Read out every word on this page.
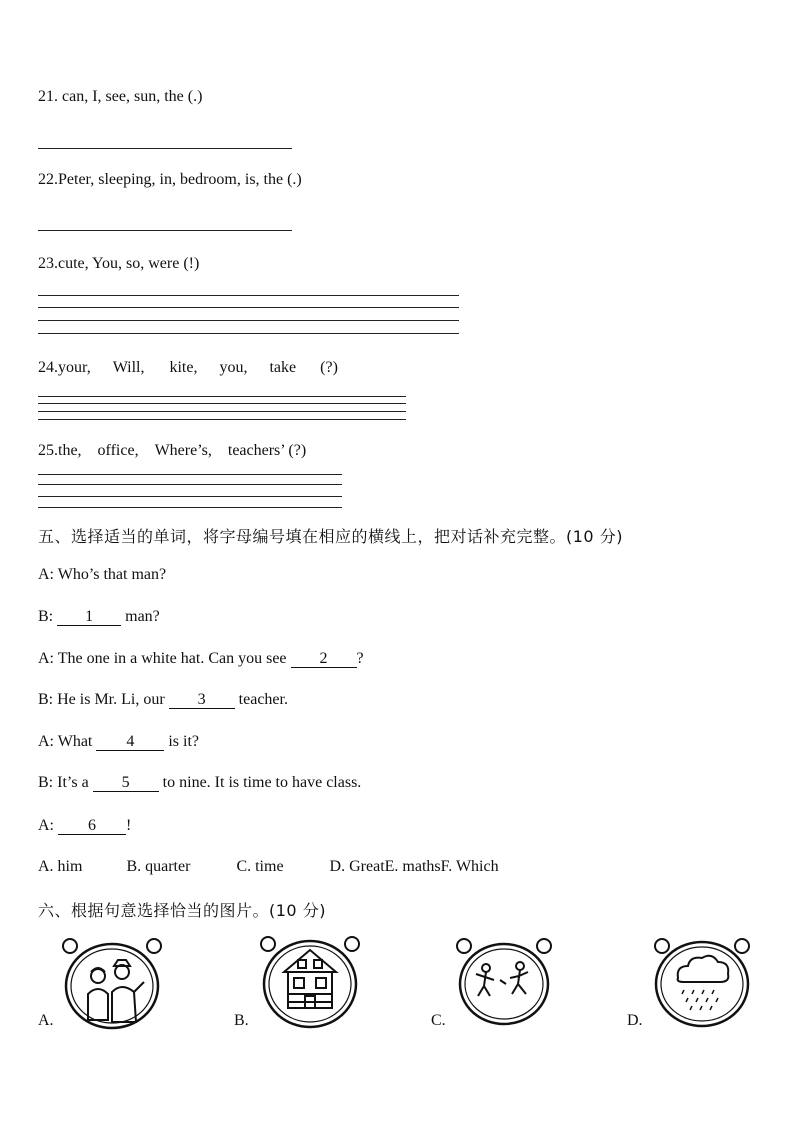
21. can, I, see, sun, the (.)
22.Peter, sleeping, in, bedroom, is, the (.)
23.cute, You, so, were (!)
24.your, Will, kite, you, take (?)
25.the, office, Where’s, teachers’ (?)
五、选择适当的单词，将字母编号填在相应的横线上，把对话补充完整。(10 分)
A: Who’s that man?
B: 1 man?
A: The one in a white hat. Can you see 2 ?
B: He is Mr. Li, our 3 teacher.
A: What 4 is it?
B: It’s a 5 to nine. It is time to have class.
A: 6 !
A. him	B. quarter	C. time	D. GreatE. mathsF. Which
六、根据句意选择恰当的图片。(10 分)
A.	B.	C.	D.
